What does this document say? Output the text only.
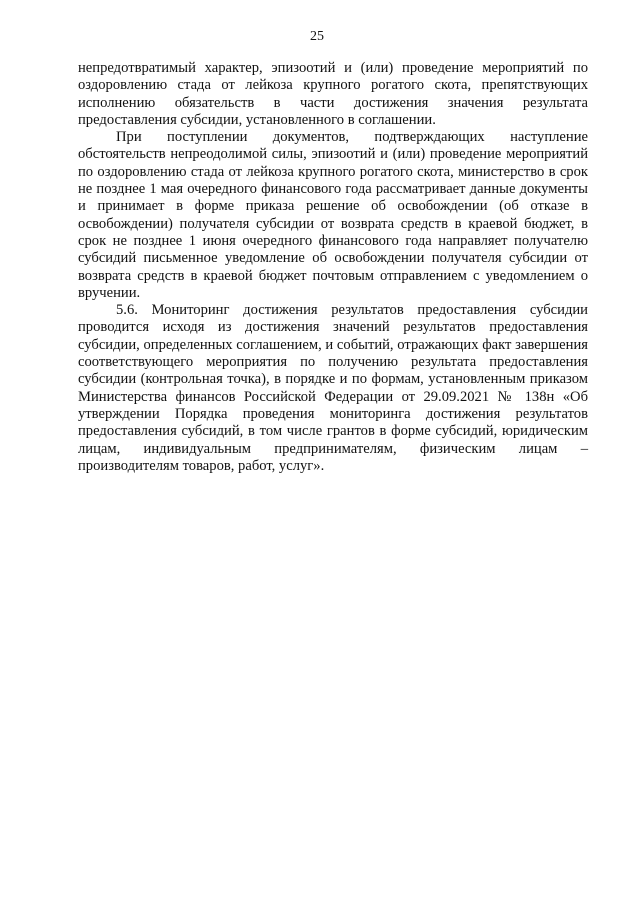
25

непредотвратимый характер, эпизоотий и (или) проведение мероприятий по оздоровлению стада от лейкоза крупного рогатого скота, препятствующих исполнению обязательств в части достижения значения результата предоставления субсидии, установленного в соглашении.

При поступлении документов, подтверждающих наступление обстоятельств непреодолимой силы, эпизоотий и (или) проведение мероприятий по оздоровлению стада от лейкоза крупного рогатого скота, министерство в срок не позднее 1 мая очередного финансового года рассматривает данные документы и принимает в форме приказа решение об освобождении (об отказе в освобождении) получателя субсидии от возврата средств в краевой бюджет, в срок не позднее 1 июня очередного финансового года направляет получателю субсидий письменное уведомление об освобождении получателя субсидии от возврата средств в краевой бюджет почтовым отправлением с уведомлением о вручении.

5.6. Мониторинг достижения результатов предоставления субсидии проводится исходя из достижения значений результатов предоставления субсидии, определенных соглашением, и событий, отражающих факт завершения соответствующего мероприятия по получению результата предоставления субсидии (контрольная точка), в порядке и по формам, установленным приказом Министерства финансов Российской Федерации от 29.09.2021 № 138н «Об утверждении Порядка проведения мониторинга достижения результатов предоставления субсидий, в том числе грантов в форме субсидий, юридическим лицам, индивидуальным предпринимателям, физическим лицам – производителям товаров, работ, услуг».
